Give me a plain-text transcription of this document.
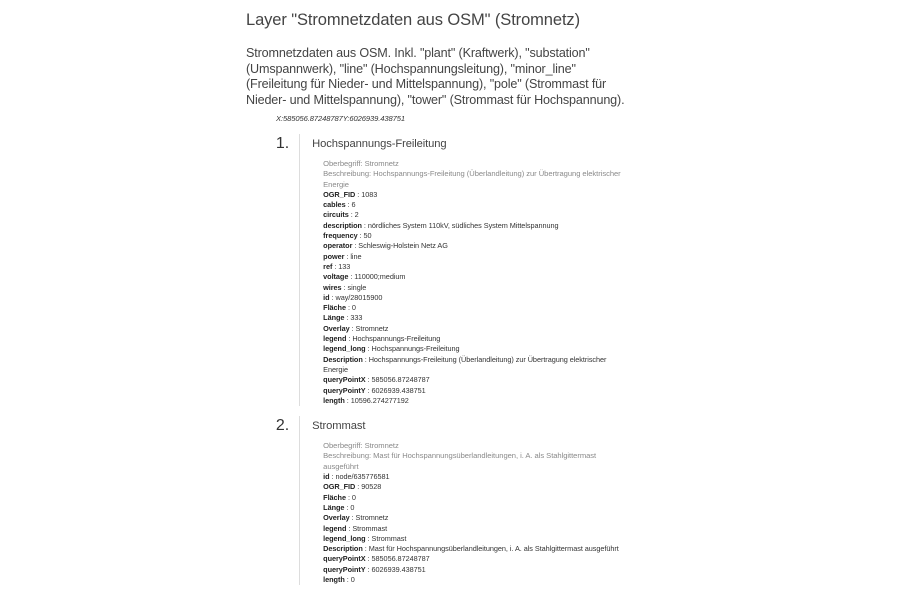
Layer "Stromnetzdaten aus OSM" (Stromnetz)

Stromnetzdaten aus OSM. Inkl. "plant" (Kraftwerk), "substation" (Umspannwerk), "line" (Hochspannungsleitung), "minor_line" (Freileitung für Nieder- und Mittelspannung), "pole" (Strommast für Nieder- und Mittelspannung), "tower" (Strommast für Hochspannung).

X:585056.87248787Y:6026939.438751
1.	Hochspannungs-Freileitung
Oberbegriff: Stromnetz
Beschreibung: Hochspannungs-Freileitung (Überlandleitung) zur Übertragung elektrischer Energie
OGR_FID : 1083
cables : 6
circuits : 2
description : nördliches System 110kV, südliches System Mittelspannung
frequency : 50
operator : Schleswig-Holstein Netz AG
power : line
ref : 133
voltage : 110000;medium
wires : single
id : way/28015900
Fläche : 0
Länge : 333
Overlay : Stromnetz
legend : Hochspannungs-Freileitung
legend_long : Hochspannungs-Freileitung
Description : Hochspannungs-Freileitung (Überlandleitung) zur Übertragung elektrischer Energie
queryPointX : 585056.87248787
queryPointY : 6026939.438751
length : 10596.274277192
2.	Strommast
Oberbegriff: Stromnetz
Beschreibung: Mast für Hochspannungsüberlandleitungen, i. A. als Stahlgittermast ausgeführt
id : node/635776581
OGR_FID : 90528
Fläche : 0
Länge : 0
Overlay : Stromnetz
legend : Strommast
legend_long : Strommast
Description : Mast für Hochspannungsüberlandleitungen, i. A. als Stahlgittermast ausgeführt
queryPointX : 585056.87248787
queryPointY : 6026939.438751
length : 0
